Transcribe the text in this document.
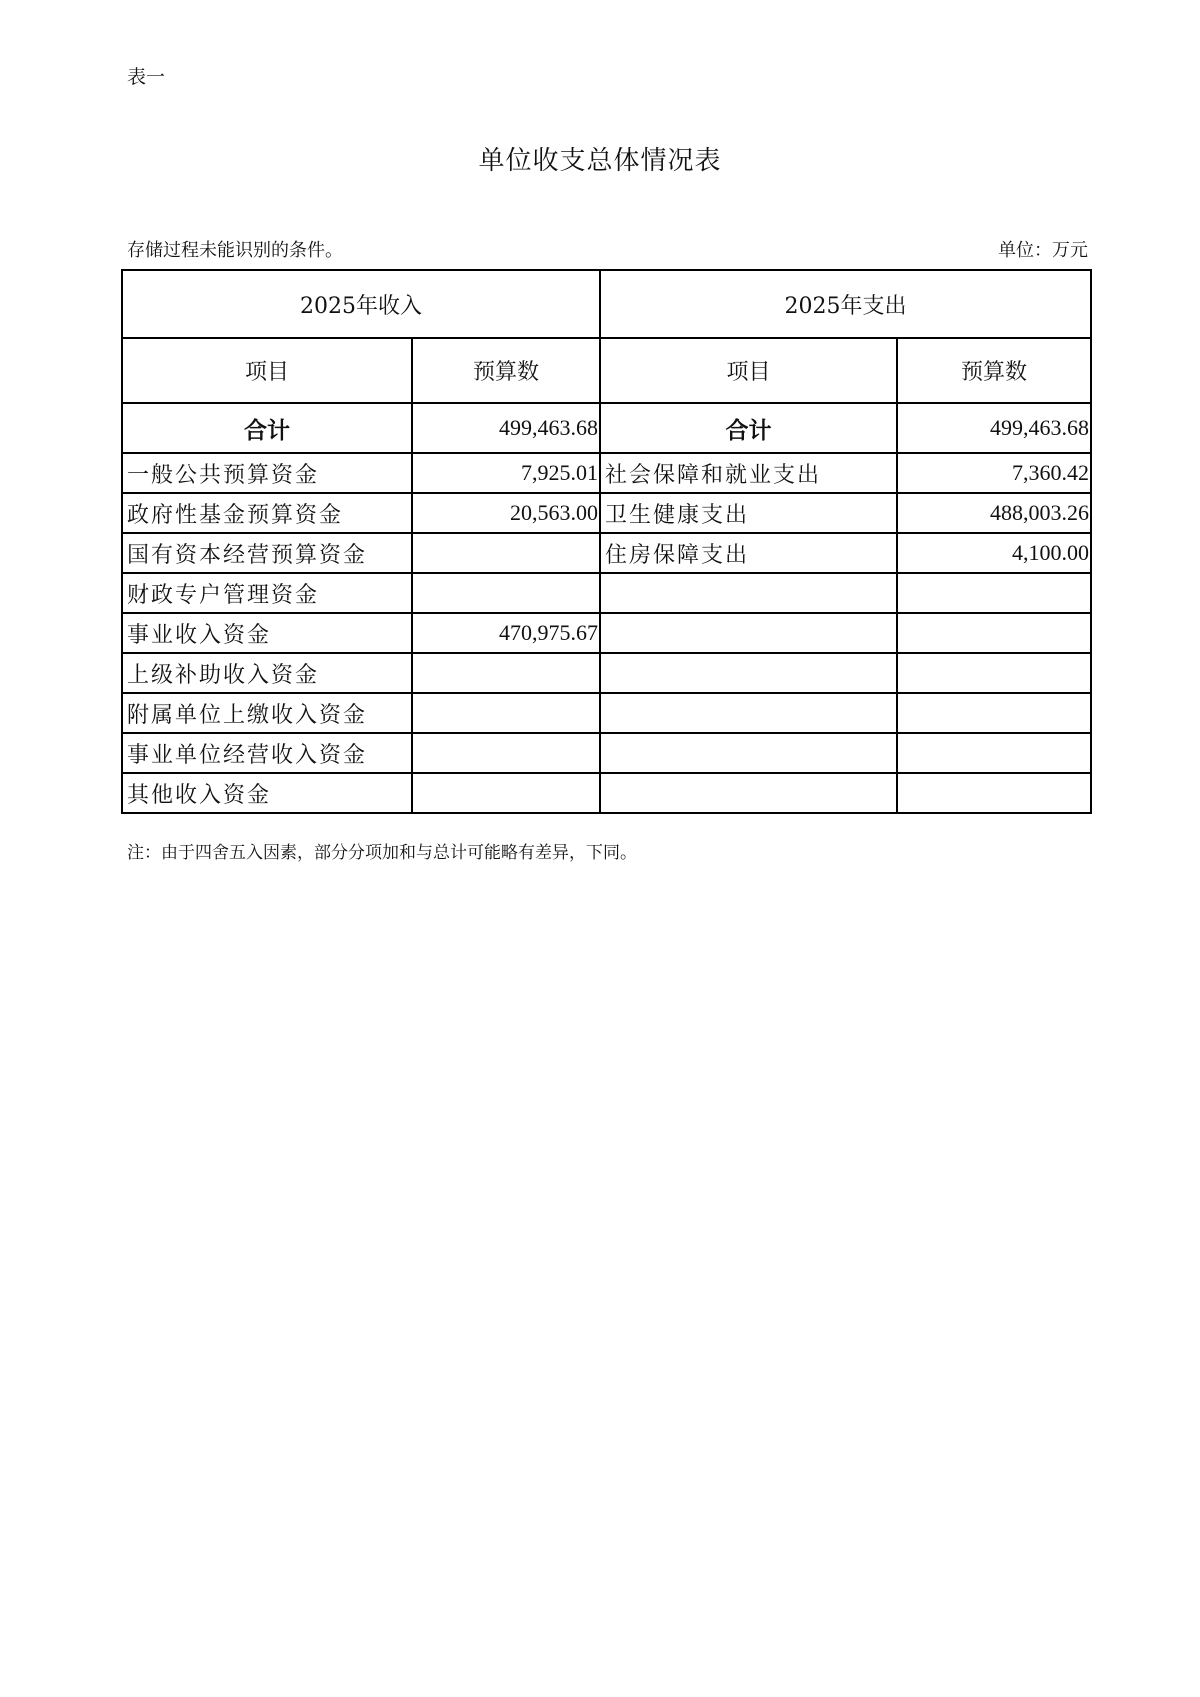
表一
单位收支总体情况表
存储过程未能识别的条件。	单位：万元
2025年收入		2025年支出	
项目	预算数	项目	预算数
合计	499,463.68	合计	499,463.68
一般公共预算资金	7,925.01	社会保障和就业支出	7,360.42
政府性基金预算资金	20,563.00	卫生健康支出	488,003.26
国有资本经营预算资金		住房保障支出	4,100.00
财政专户管理资金			
事业收入资金	470,975.67		
上级补助收入资金			
附属单位上缴收入资金			
事业单位经营收入资金			
其他收入资金			
注：由于四舍五入因素，部分分项加和与总计可能略有差异，下同。
